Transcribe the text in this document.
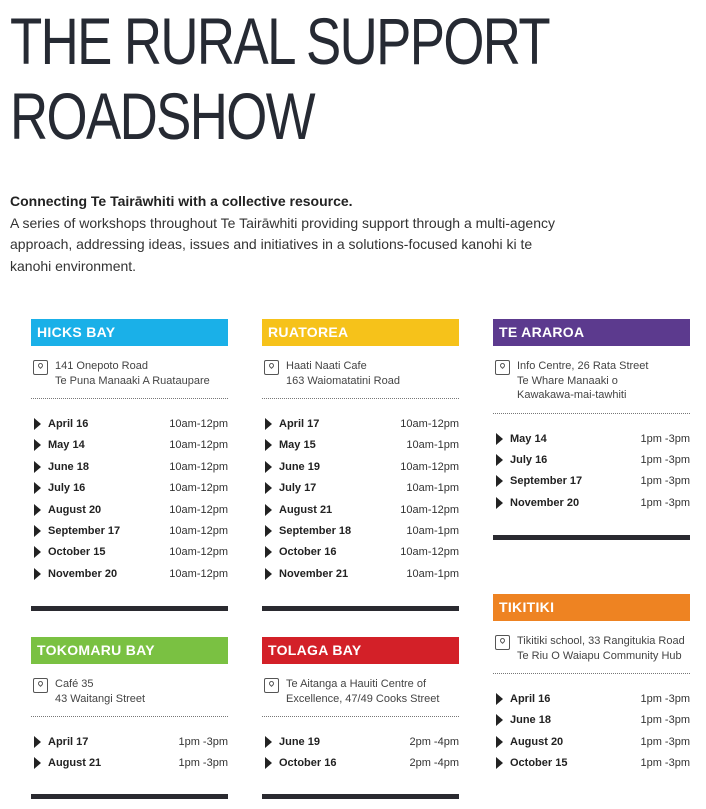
THE RURAL SUPPORT
ROADSHOW
Connecting Te Tairāwhiti with a collective resource.
A series of workshops throughout Te Tairāwhiti providing support through a multi-agency approach, addressing ideas, issues and initiatives in a solutions-focused kanohi ki te kanohi environment.
HICKS BAY
141 Onepoto Road
Te Puna Manaaki A Ruataupare
April 16	10am-12pm
May 14	10am-12pm
June 18	10am-12pm
July 16	10am-12pm
August 20	10am-12pm
September 17	10am-12pm
October 15	10am-12pm
November 20	10am-12pm
RUATOREA
Haati Naati Cafe
163 Waiomatatini Road
April 17	10am-12pm
May 15	10am-1pm
June 19	10am-12pm
July 17	10am-1pm
August 21	10am-12pm
September 18	10am-1pm
October 16	10am-12pm
November 21	10am-1pm
TE ARAROA
Info Centre, 26 Rata Street
Te Whare Manaaki o
Kawakawa-mai-tawhiti
May 14	1pm -3pm
July 16	1pm -3pm
September 17	1pm -3pm
November 20	1pm -3pm
TIKITIKI
Tikitiki school, 33 Rangitukia Road
Te Riu O Waiapu Community Hub
April 16	1pm -3pm
June 18	1pm -3pm
August 20	1pm -3pm
October 15	1pm -3pm
TOKOMARU BAY
Café 35
43 Waitangi Street
April 17	1pm -3pm
August 21	1pm -3pm
TOLAGA BAY
Te Aitanga a Hauiti Centre of
Excellence, 47/49 Cooks Street
June 19	2pm -4pm
October 16	2pm -4pm
